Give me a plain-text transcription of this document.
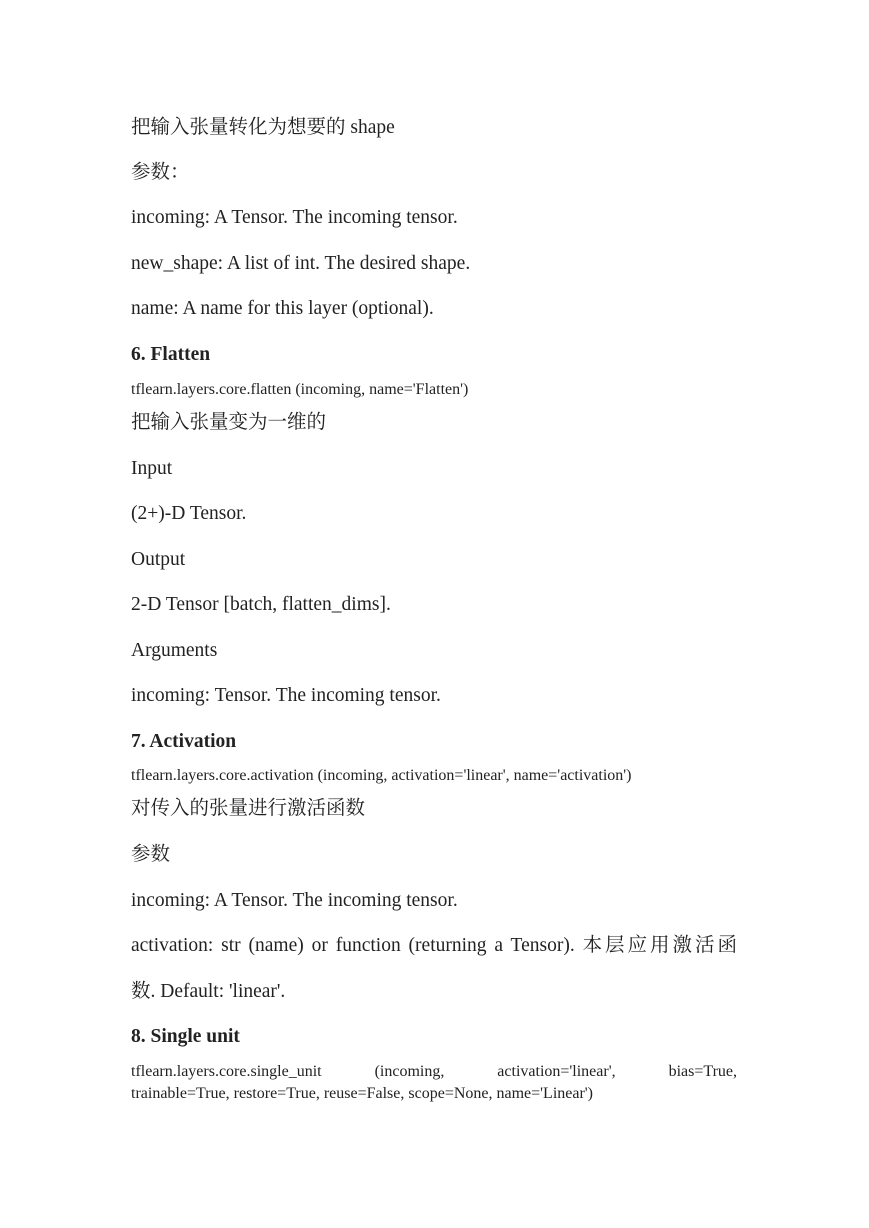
把输入张量转化为想要的 shape
参数：
incoming: A Tensor. The incoming tensor.
new_shape: A list of int. The desired shape.
name: A name for this layer (optional).
6. Flatten
tflearn.layers.core.flatten (incoming, name='Flatten')
把输入张量变为一维的
Input
(2+)-D Tensor.
Output
2-D Tensor [batch, flatten_dims].
Arguments
incoming: Tensor. The incoming tensor.
7. Activation
tflearn.layers.core.activation (incoming, activation='linear', name='activation')
对传入的张量进行激活函数
参数
incoming: A Tensor. The incoming tensor.
activation: str (name) or function (returning a Tensor). 本层应用激活函
数. Default: 'linear'.
8. Single unit
tflearn.layers.core.single_unit	(incoming,	activation='linear',	bias=True,
trainable=True, restore=True, reuse=False, scope=None, name='Linear')
